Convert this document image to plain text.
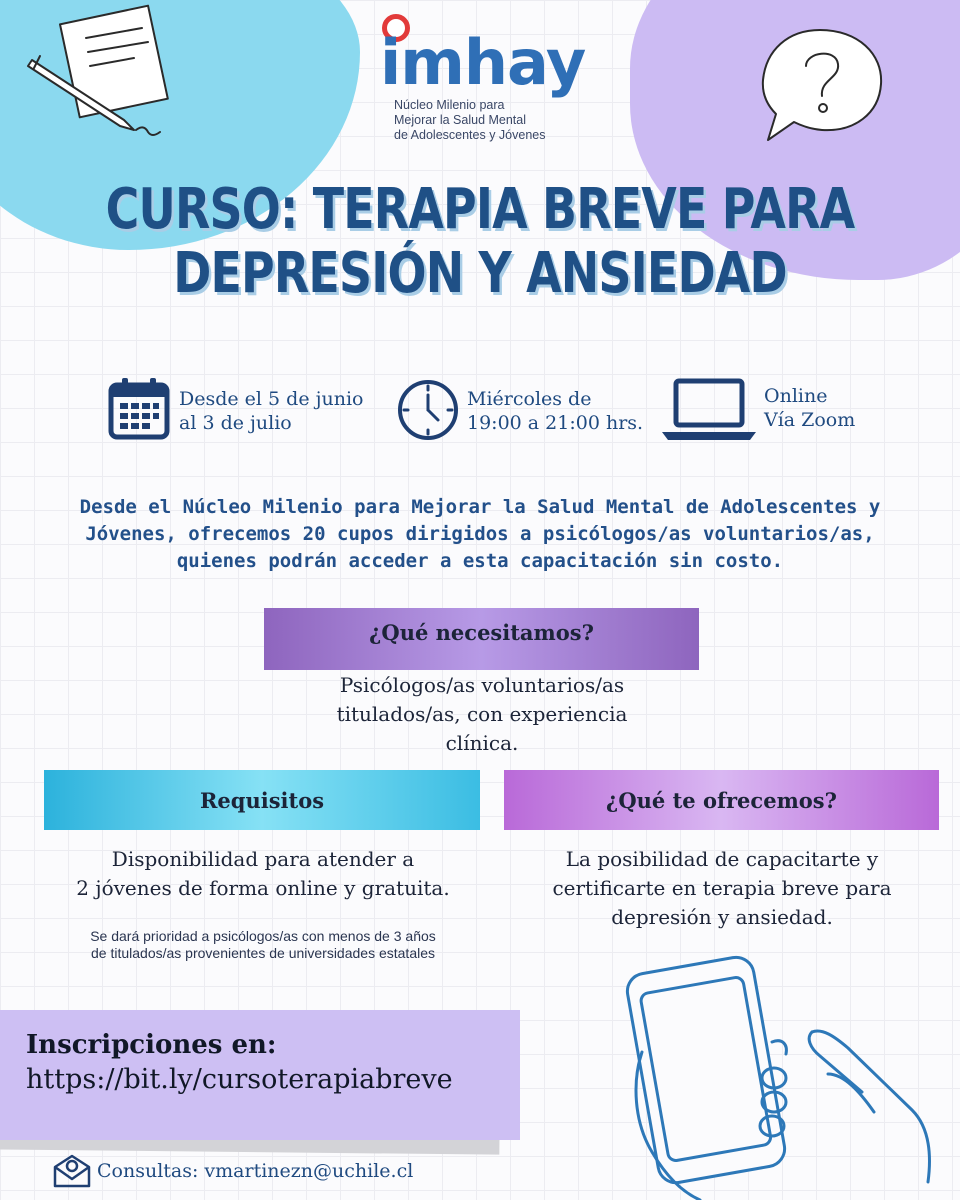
imhay
Núcleo Milenio para
Mejorar la Salud Mental
de Adolescentes y Jóvenes
CURSO: TERAPIA BREVE PARA
DEPRESIÓN Y ANSIEDAD
Desde el 5 de junio
al 3 de julio
Miércoles de
19:00 a 21:00 hrs.
Online
Vía Zoom
Desde el Núcleo Milenio para Mejorar la Salud Mental de Adolescentes y
Jóvenes, ofrecemos 20 cupos dirigidos a psicólogos/as voluntarios/as,
quienes podrán acceder a esta capacitación sin costo.
¿Qué necesitamos?
Psicólogos/as voluntarios/as
titulados/as, con experiencia
clínica.
Requisitos
Disponibilidad para atender a
2 jóvenes de forma online y gratuita.
Se dará prioridad a psicólogos/as con menos de 3 años
de titulados/as provenientes de universidades estatales
¿Qué te ofrecemos?
La posibilidad de capacitarte y
certificarte en terapia breve para
depresión y ansiedad.
Inscripciones en:
https://bit.ly/cursoterapiabreve
Consultas: vmartinezn@uchile.cl
